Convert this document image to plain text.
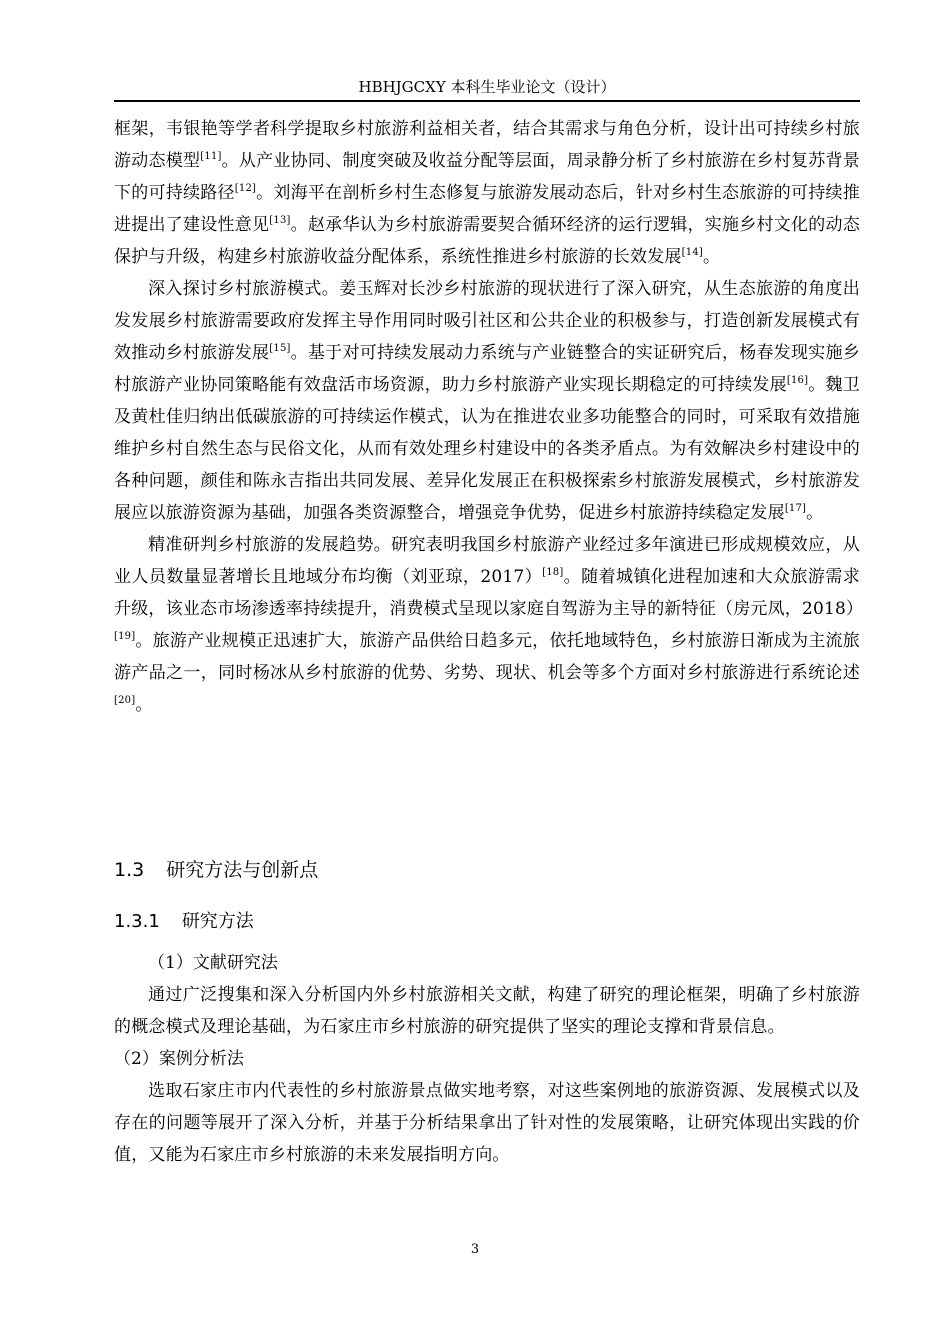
HBHJGCXY 本科生毕业论文（设计）

框架，韦银艳等学者科学提取乡村旅游利益相关者，结合其需求与角色分析，设计出可持续乡村旅游动态模型[11]。从产业协同、制度突破及收益分配等层面，周录静分析了乡村旅游在乡村复苏背景下的可持续路径[12]。刘海平在剖析乡村生态修复与旅游发展动态后，针对乡村生态旅游的可持续推进提出了建设性意见[13]。赵承华认为乡村旅游需要契合循环经济的运行逻辑，实施乡村文化的动态保护与升级，构建乡村旅游收益分配体系，系统性推进乡村旅游的长效发展[14]。

深入探讨乡村旅游模式。姜玉辉对长沙乡村旅游的现状进行了深入研究，从生态旅游的角度出发发展乡村旅游需要政府发挥主导作用同时吸引社区和公共企业的积极参与，打造创新发展模式有效推动乡村旅游发展[15]。基于对可持续发展动力系统与产业链整合的实证研究后，杨春发现实施乡村旅游产业协同策略能有效盘活市场资源，助力乡村旅游产业实现长期稳定的可持续发展[16]。魏卫及黄杜佳归纳出低碳旅游的可持续运作模式，认为在推进农业多功能整合的同时，可采取有效措施维护乡村自然生态与民俗文化，从而有效处理乡村建设中的各类矛盾点。为有效解决乡村建设中的各种问题，颜佳和陈永吉指出共同发展、差异化发展正在积极探索乡村旅游发展模式，乡村旅游发展应以旅游资源为基础，加强各类资源整合，增强竞争优势，促进乡村旅游持续稳定发展[17]。

精准研判乡村旅游的发展趋势。研究表明我国乡村旅游产业经过多年演进已形成规模效应，从业人员数量显著增长且地域分布均衡（刘亚琼，2017）[18]。随着城镇化进程加速和大众旅游需求升级，该业态市场渗透率持续提升，消费模式呈现以家庭自驾游为主导的新特征（房元凤，2018）[19]。旅游产业规模正迅速扩大，旅游产品供给日趋多元，依托地域特色，乡村旅游日渐成为主流旅游产品之一，同时杨冰从乡村旅游的优势、劣势、现状、机会等多个方面对乡村旅游进行系统论述[20]。

1.3 研究方法与创新点
1.3.1 研究方法

（1）文献研究法

通过广泛搜集和深入分析国内外乡村旅游相关文献，构建了研究的理论框架，明确了乡村旅游的概念模式及理论基础，为石家庄市乡村旅游的研究提供了坚实的理论支撑和背景信息。

（2）案例分析法

选取石家庄市内代表性的乡村旅游景点做实地考察，对这些案例地的旅游资源、发展模式以及存在的问题等展开了深入分析，并基于分析结果拿出了针对性的发展策略，让研究体现出实践的价值，又能为石家庄市乡村旅游的未来发展指明方向。

3
